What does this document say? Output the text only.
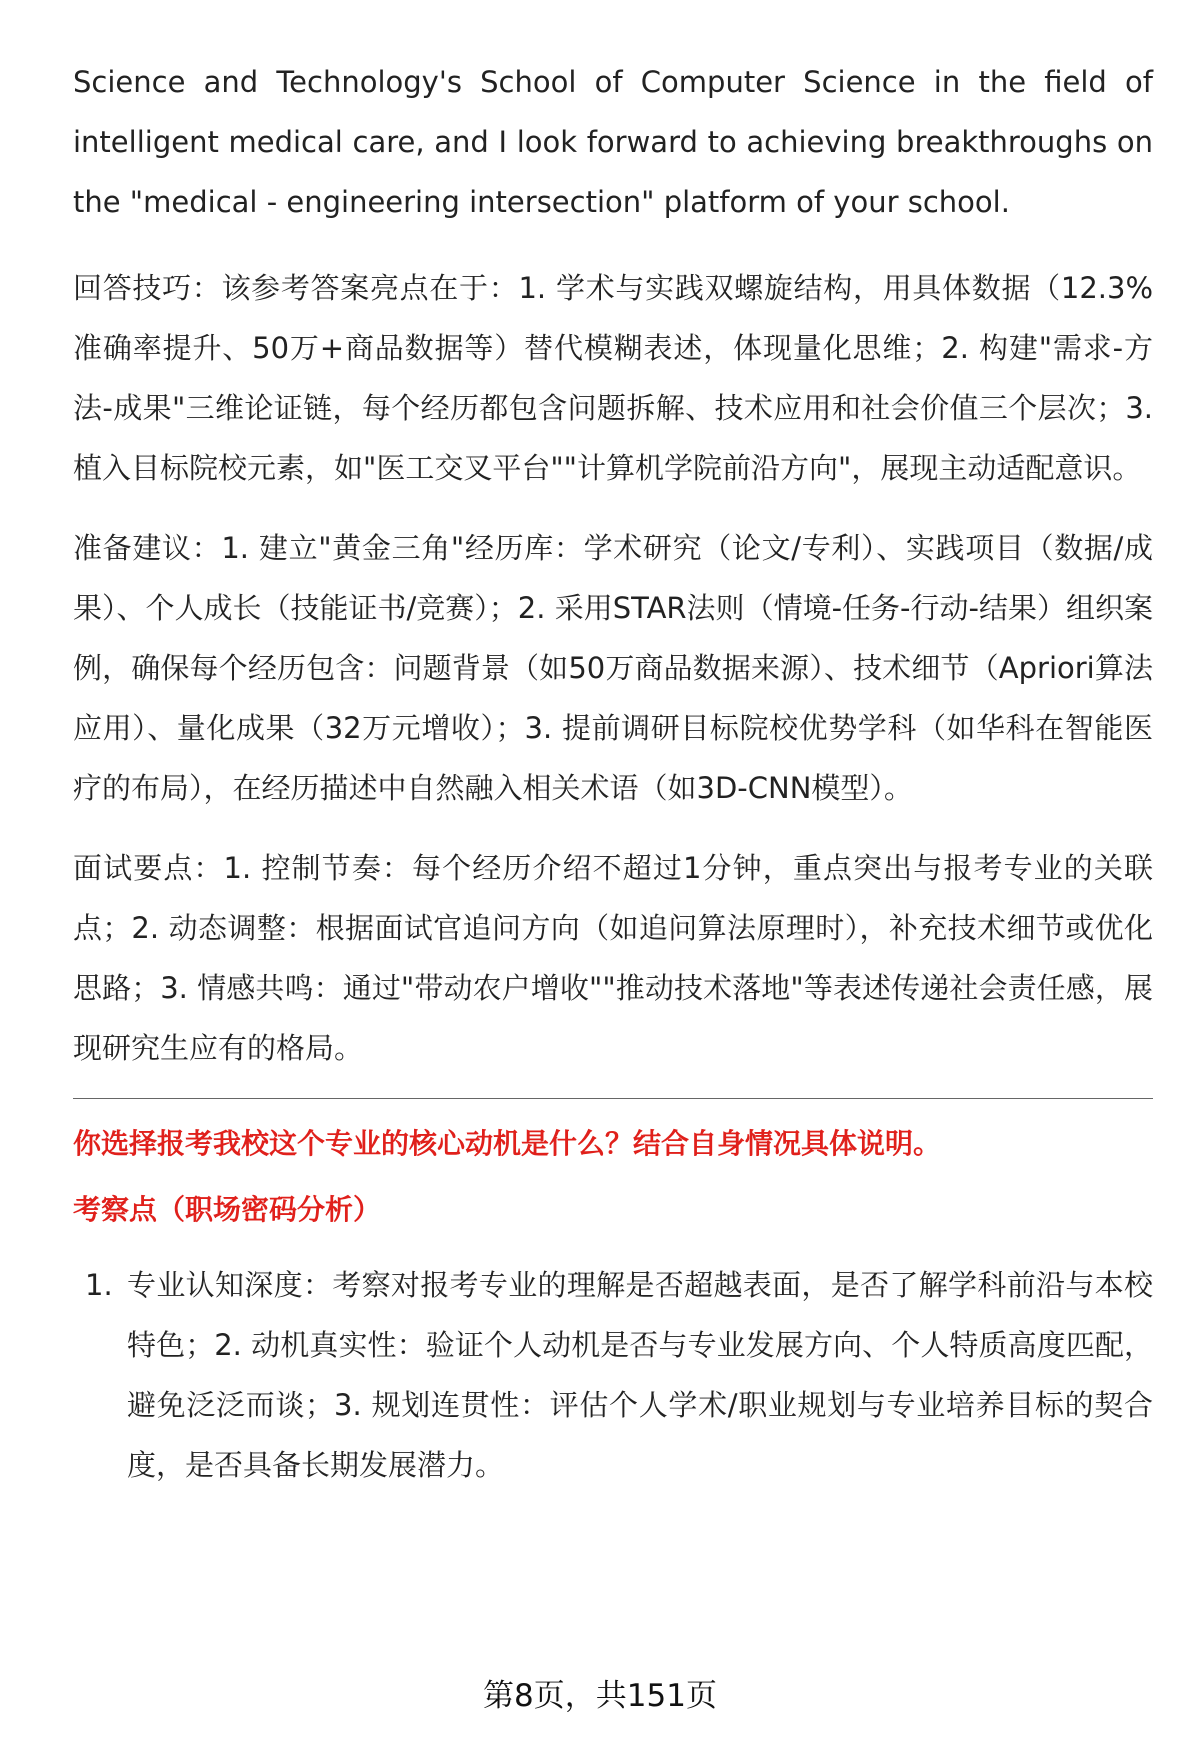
Science and Technology's School of Computer Science in the field of intelligent medical care, and I look forward to achieving breakthroughs on the "medical - engineering intersection" platform of your school.

回答技巧：该参考答案亮点在于：1. 学术与实践双螺旋结构，用具体数据（12.3%准确率提升、50万+商品数据等）替代模糊表述，体现量化思维；2. 构建"需求-方法-成果"三维论证链，每个经历都包含问题拆解、技术应用和社会价值三个层次；3. 植入目标院校元素，如"医工交叉平台""计算机学院前沿方向"，展现主动适配意识。

准备建议：1. 建立"黄金三角"经历库：学术研究（论文/专利）、实践项目（数据/成果）、个人成长（技能证书/竞赛）；2. 采用STAR法则（情境-任务-行动-结果）组织案例，确保每个经历包含：问题背景（如50万商品数据来源）、技术细节（Apriori算法应用）、量化成果（32万元增收）；3. 提前调研目标院校优势学科（如华科在智能医疗的布局），在经历描述中自然融入相关术语（如3D-CNN模型）。

面试要点：1. 控制节奏：每个经历介绍不超过1分钟，重点突出与报考专业的关联点；2. 动态调整：根据面试官追问方向（如追问算法原理时），补充技术细节或优化思路；3. 情感共鸣：通过"带动农户增收""推动技术落地"等表述传递社会责任感，展现研究生应有的格局。

你选择报考我校这个专业的核心动机是什么？结合自身情况具体说明。
考察点（职场密码分析）
1. 专业认知深度：考察对报考专业的理解是否超越表面，是否了解学科前沿与本校特色；2. 动机真实性：验证个人动机是否与专业发展方向、个人特质高度匹配，避免泛泛而谈；3. 规划连贯性：评估个人学术/职业规划与专业培养目标的契合度，是否具备长期发展潜力。
第8页，共151页
